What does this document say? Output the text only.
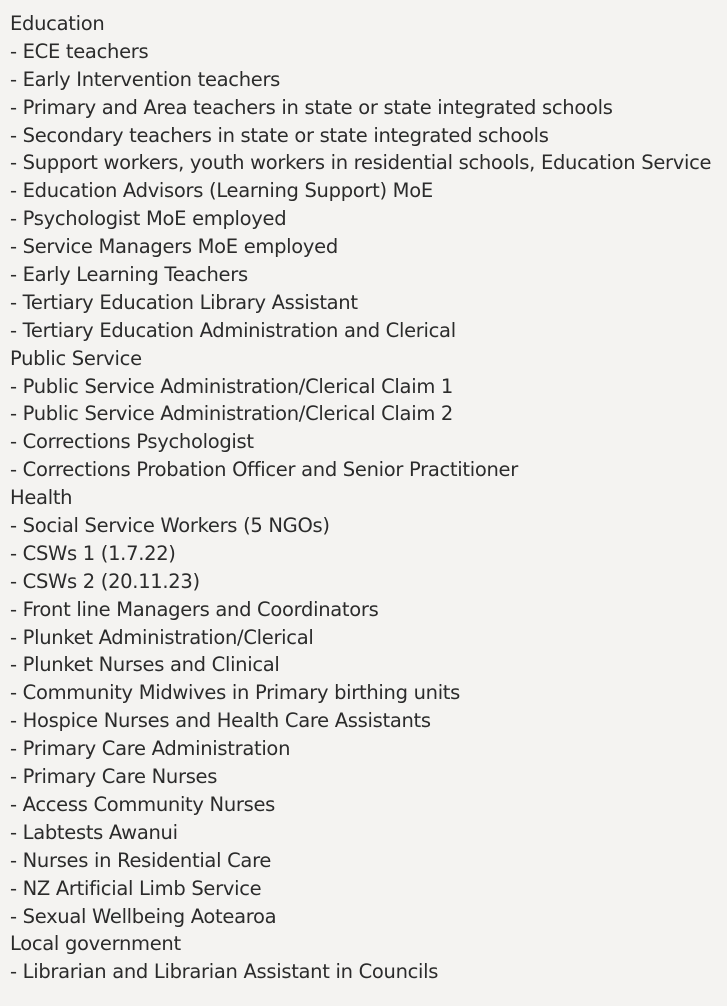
Education
- ECE teachers
- Early Intervention teachers
- Primary and Area teachers in state or state integrated schools
- Secondary teachers in state or state integrated schools
- Support workers, youth workers in residential schools, Education Service
- Education Advisors (Learning Support) MoE
- Psychologist MoE employed
- Service Managers MoE employed
- Early Learning Teachers
- Tertiary Education Library Assistant
- Tertiary Education Administration and Clerical
Public Service
- Public Service Administration/Clerical Claim 1
- Public Service Administration/Clerical Claim 2
- Corrections Psychologist
- Corrections Probation Officer and Senior Practitioner
Health
- Social Service Workers (5 NGOs)
- CSWs 1 (1.7.22)
- CSWs 2 (20.11.23)
- Front line Managers and Coordinators
- Plunket Administration/Clerical
- Plunket Nurses and Clinical
- Community Midwives in Primary birthing units
- Hospice Nurses and Health Care Assistants
- Primary Care Administration
- Primary Care Nurses
- Access Community Nurses
- Labtests Awanui
- Nurses in Residential Care
- NZ Artificial Limb Service
- Sexual Wellbeing Aotearoa
Local government
- Librarian and Librarian Assistant in Councils
